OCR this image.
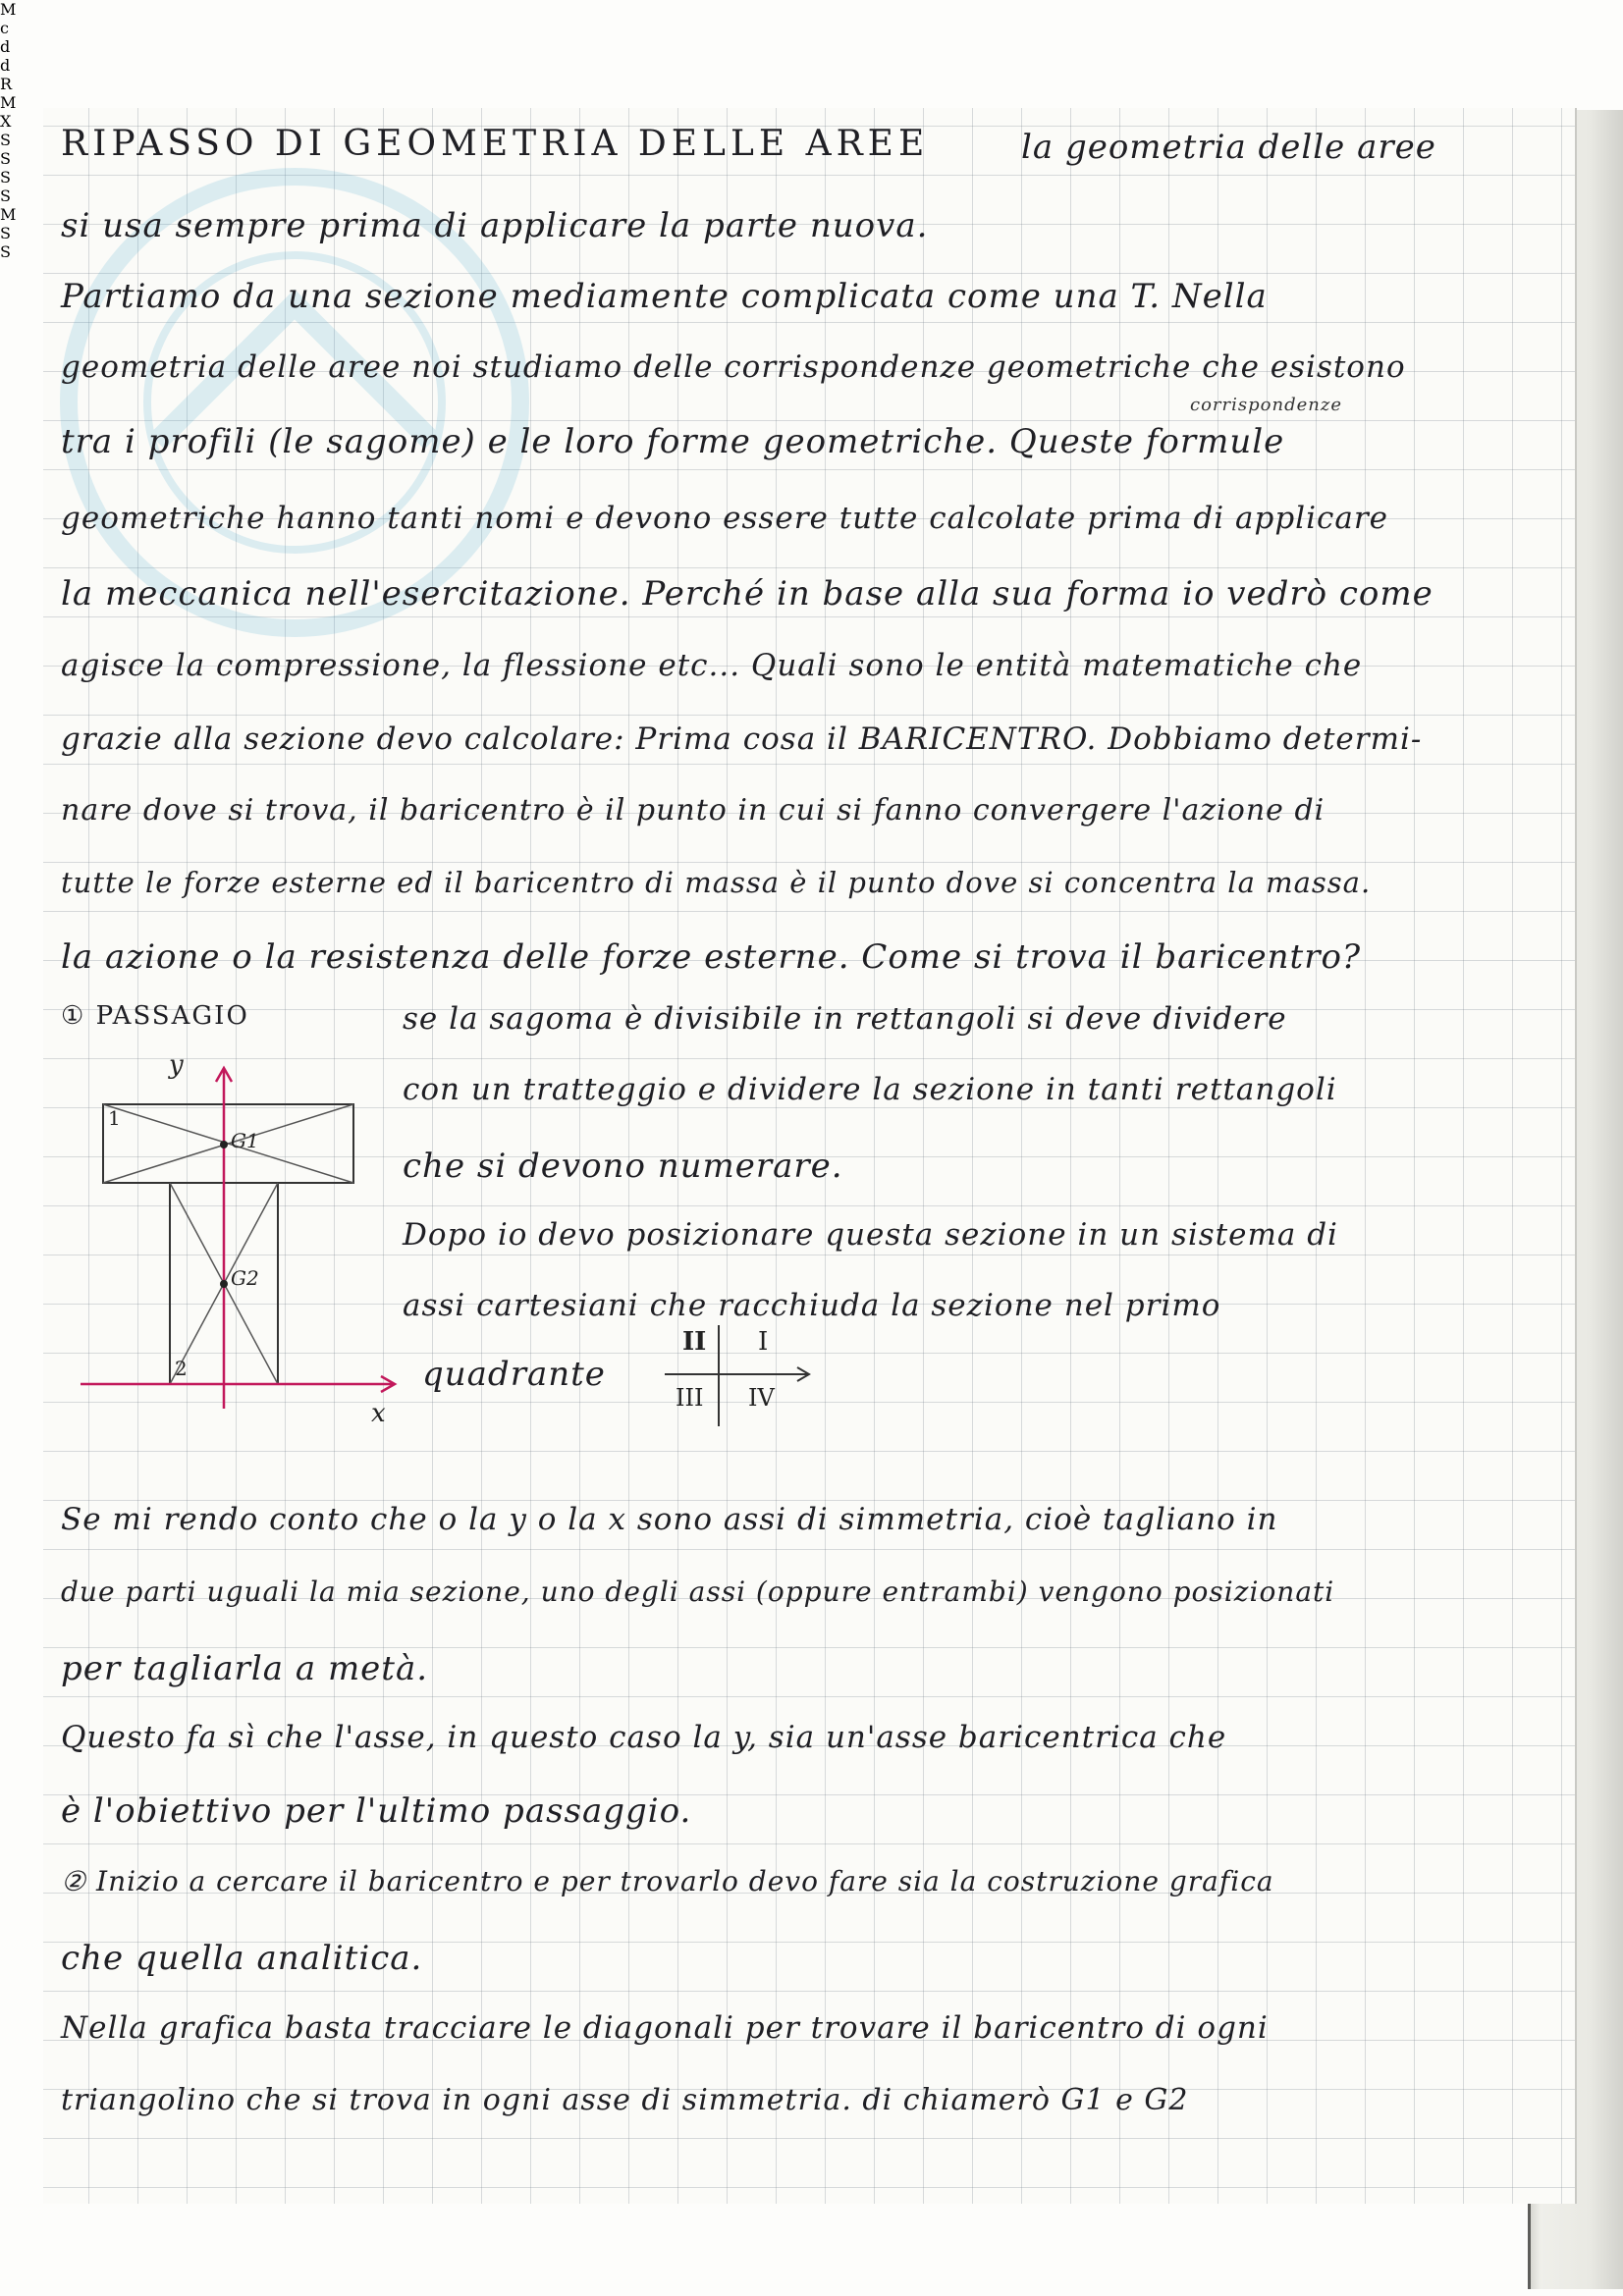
M
c
d
d
R
M
X
S
S
S
S
M
S
S
RIPASSO DI GEOMETRIA DELLE AREE	la geometria delle aree
si usa sempre prima di applicare la parte nuova.
Partiamo da una sezione mediamente complicata come una T. Nella
geometria delle aree noi studiamo delle corrispondenze geometriche che esistono
corrispondenze
tra i profili (le sagome) e le loro forme geometriche. Queste formule
geometriche hanno tanti nomi e devono essere tutte calcolate prima di applicare
la meccanica nell'esercitazione. Perché in base alla sua forma io vedrò come
agisce la compressione, la flessione etc... Quali sono le entità matematiche che
grazie alla sezione devo calcolare: Prima cosa il BARICENTRO. Dobbiamo determi-
nare dove si trova, il baricentro è il punto in cui si fanno convergere l'azione di
tutte le forze esterne ed il baricentro di massa è il punto dove si concentra la massa.
la azione o la resistenza delle forze esterne. Come si trova il baricentro?
① PASSAGIO	se la sagoma è divisibile in rettangoli si deve dividere
con un tratteggio e dividere la sezione in tanti rettangoli
che si devono numerare.
Dopo io devo posizionare questa sezione in un sistema di
assi cartesiani che racchiuda la sezione nel primo
quadrante
y
x
1
2
G1
G2
II I
III IV
Se mi rendo conto che o la y o la x sono assi di simmetria, cioè tagliano in
due parti uguali la mia sezione, uno degli assi (oppure entrambi) vengono posizionati
per tagliarla a metà.
Questo fa sì che l'asse, in questo caso la y, sia un'asse baricentrica che
è l'obiettivo per l'ultimo passaggio.
② Inizio a cercare il baricentro e per trovarlo devo fare sia la costruzione grafica
che quella analitica.
Nella grafica basta tracciare le diagonali per trovare il baricentro di ogni
triangolino che si trova in ogni asse di simmetria. di chiamerò G1 e G2
